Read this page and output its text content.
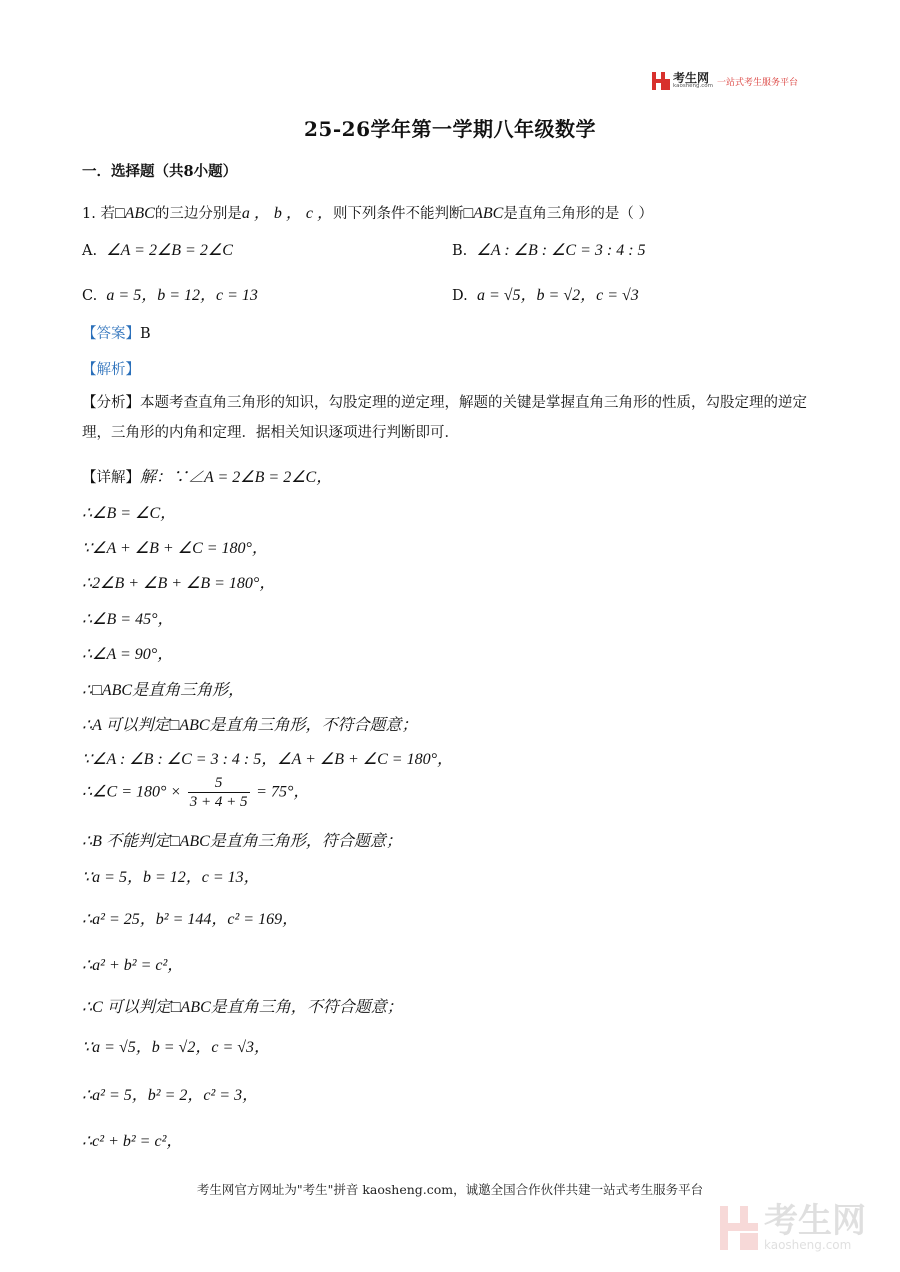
考生网
kaosheng.com 一站式考生服务平台
25-26学年第一学期八年级数学
一．选择题（共8小题）
1. 若□ABC的三边分别是a ， b ， c ，则下列条件不能判断□ABC是直角三角形的是（ ）
A. ∠A = 2∠B = 2∠C	B. ∠A : ∠B : ∠C = 3 : 4 : 5
C. a = 5，b = 12，c = 13	D. a = √5，b = √2，c = √3
【答案】B
【解析】
【分析】本题考查直角三角形的知识，勾股定理的逆定理，解题的关键是掌握直角三角形的性质，勾股定理的逆定理，三角形的内角和定理．据相关知识逐项进行判断即可．
【详解】解：∵∠A = 2∠B = 2∠C，
∴∠B = ∠C，
∵∠A + ∠B + ∠C = 180°，
∴2∠B + ∠B + ∠B = 180°，
∴∠B = 45°，
∴∠A = 90°，
∴□ABC是直角三角形，
∴A 可以判定□ABC是直角三角形，不符合题意；
∵∠A : ∠B : ∠C = 3 : 4 : 5，∠A + ∠B + ∠C = 180°，
∴∠C = $180^\circ \times \frac{5}{3 + 4 + 5} = 75^\circ$，
∴B 不能判定□ABC是直角三角形，符合题意；
∵a = 5，b = 12，c = 13，
∴a² = 25，b² = 144，c² = 169，
∴a² + b² = c²，
∴C 可以判定□ABC是直角三角，不符合题意；
∵a = √5，b = √2，c = √3，
∴a² = 5，b² = 2，c² = 3，
∴c² + b² = c²，
考生网官方网址为"考生"拼音 kaosheng.com，诚邀全国合作伙伴共建一站式考生服务平台
考生网
kaosheng.com
